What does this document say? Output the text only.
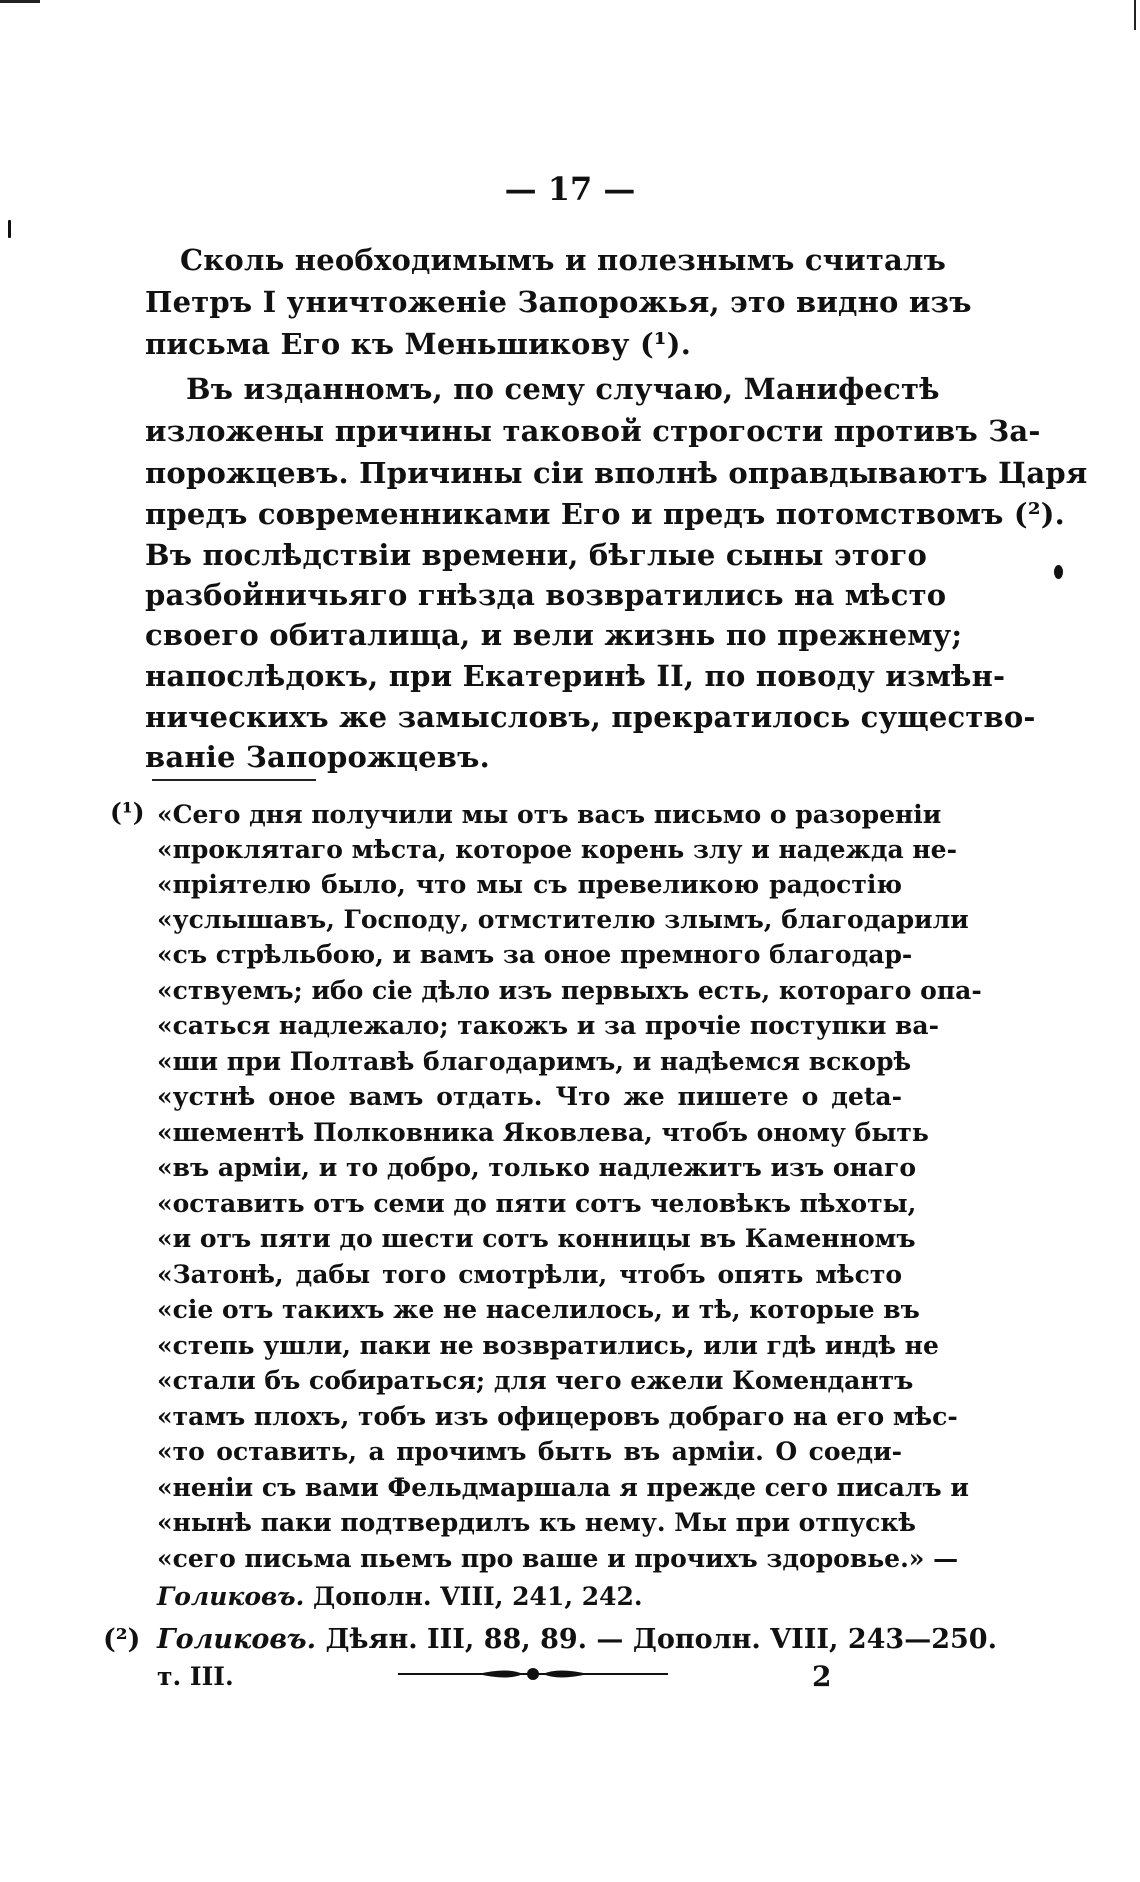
— 17 —
Сколь необходимымъ и полезнымъ считалъ
Петръ I уничтоженіе Запорожья, это видно изъ
письма Его къ Меньшикову (¹).
Въ изданномъ, по сему случаю, Манифестѣ
изложены причины таковой строгости противъ За-
порожцевъ. Причины сіи вполнѣ оправдываютъ Царя
предъ современниками Его и предъ потомствомъ (²).
Въ послѣдствіи времени, бѣглые сыны этого
разбойничьяго гнѣзда возвратились на мѣсто
своего обиталища, и вели жизнь по прежнему;
напослѣдокъ, при Екатеринѣ II, по поводу измѣн-
ническихъ же замысловъ, прекратилось существо-
ваніе Запорожцевъ.
(¹) «Сего дня получили мы отъ васъ письмо о разореніи
«проклятаго мѣста, которое корень злу и надежда не-
«пріятелю было, что мы съ превеликою радостію
«услышавъ, Господу, отмстителю злымъ, благодарили
«съ стрѣльбою, и вамъ за оное премного благодар-
«ствуемъ; ибо сіе дѣло изъ первыхъ есть, котораго опа-
«саться надлежало; такожъ и за прочіе поступки ва-
«ши при Полтавѣ благодаримъ, и надѣемся вскорѣ
«устнѣ оное вамъ отдать. Что же пишете о деta-
«шементѣ Полковника Яковлева, чтобъ оному быть
«въ арміи, и то добро, только надлежитъ изъ онаго
«оставить отъ семи до пяти сотъ человѣкъ пѣхоты,
«и отъ пяти до шести сотъ конницы въ Каменномъ
«Затонѣ, дабы того смотрѣли, чтобъ опять мѣсто
«сіе отъ такихъ же не населилось, и тѣ, которые въ
«степь ушли, паки не возвратились, или гдѣ индѣ не
«стали бъ собираться; для чего ежели Комендантъ
«тамъ плохъ, тобъ изъ офицеровъ добраго на его мѣс-
«то оставить, а прочимъ быть въ арміи. О соеди-
«неніи съ вами Фельдмаршала я прежде сего писалъ и
«нынѣ паки подтвердилъ къ нему. Мы при отпускѣ
«сего письма пьемъ про ваше и прочихъ здоровье.» —
Голиковъ. Дополн. VIII, 241, 242.
(²) Голиковъ. Дѣян. III, 88, 89. — Дополн. VIII, 243—250.
т. III.	2
